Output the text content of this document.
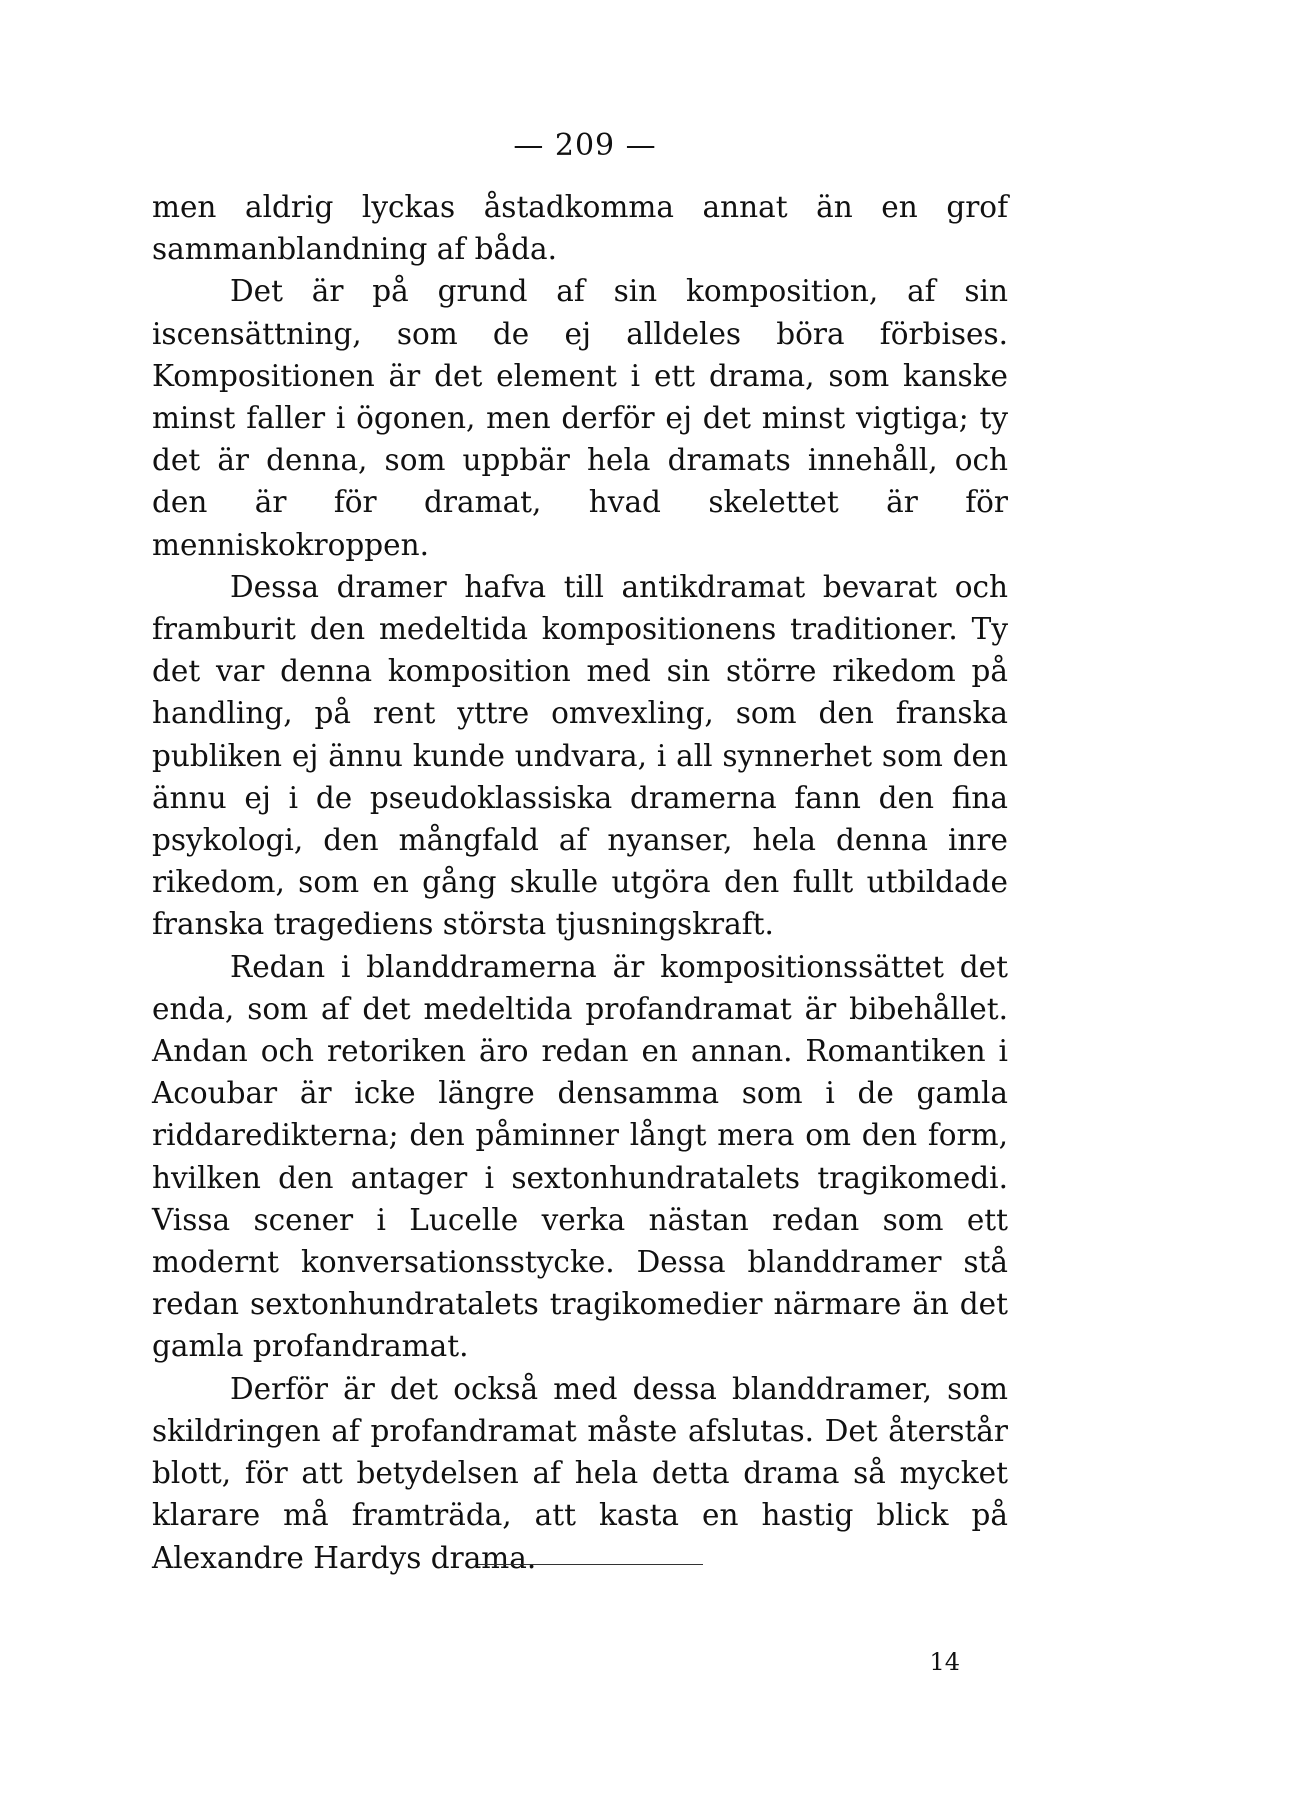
— 209 —

men aldrig lyckas åstadkomma annat än en grof sammanblandning af båda.

Det är på grund af sin komposition, af sin iscensättning, som de ej alldeles böra förbises. Kompositionen är det element i ett drama, som kanske minst faller i ögonen, men derför ej det minst vigtiga; ty det är denna, som uppbär hela dramats innehåll, och den är för dramat, hvad skelettet är för menniskokroppen.

Dessa dramer hafva till antikdramat bevarat och framburit den medeltida kompositionens traditioner. Ty det var denna komposition med sin större rikedom på handling, på rent yttre omvexling, som den franska publiken ej ännu kunde undvara, i all synnerhet som den ännu ej i de pseudoklassiska dramerna fann den fina psykologi, den mångfald af nyanser, hela denna inre rikedom, som en gång skulle utgöra den fullt utbildade franska tragediens största tjusningskraft.

Redan i blanddramerna är kompositionssättet det enda, som af det medeltida profandramat är bibehållet. Andan och retoriken äro redan en annan. Romantiken i Acoubar är icke längre densamma som i de gamla riddaredikterna; den påminner långt mera om den form, hvilken den antager i sextonhundratalets tragikomedi. Vissa scener i Lucelle verka nästan redan som ett modernt konversationsstycke. Dessa blanddramer stå redan sextonhundratalets tragikomedier närmare än det gamla profandramat.

Derför är det också med dessa blanddramer, som skildringen af profandramat måste afslutas. Det återstår blott, för att betydelsen af hela detta drama så mycket klarare må framträda, att kasta en hastig blick på Alexandre Hardys drama.

14
